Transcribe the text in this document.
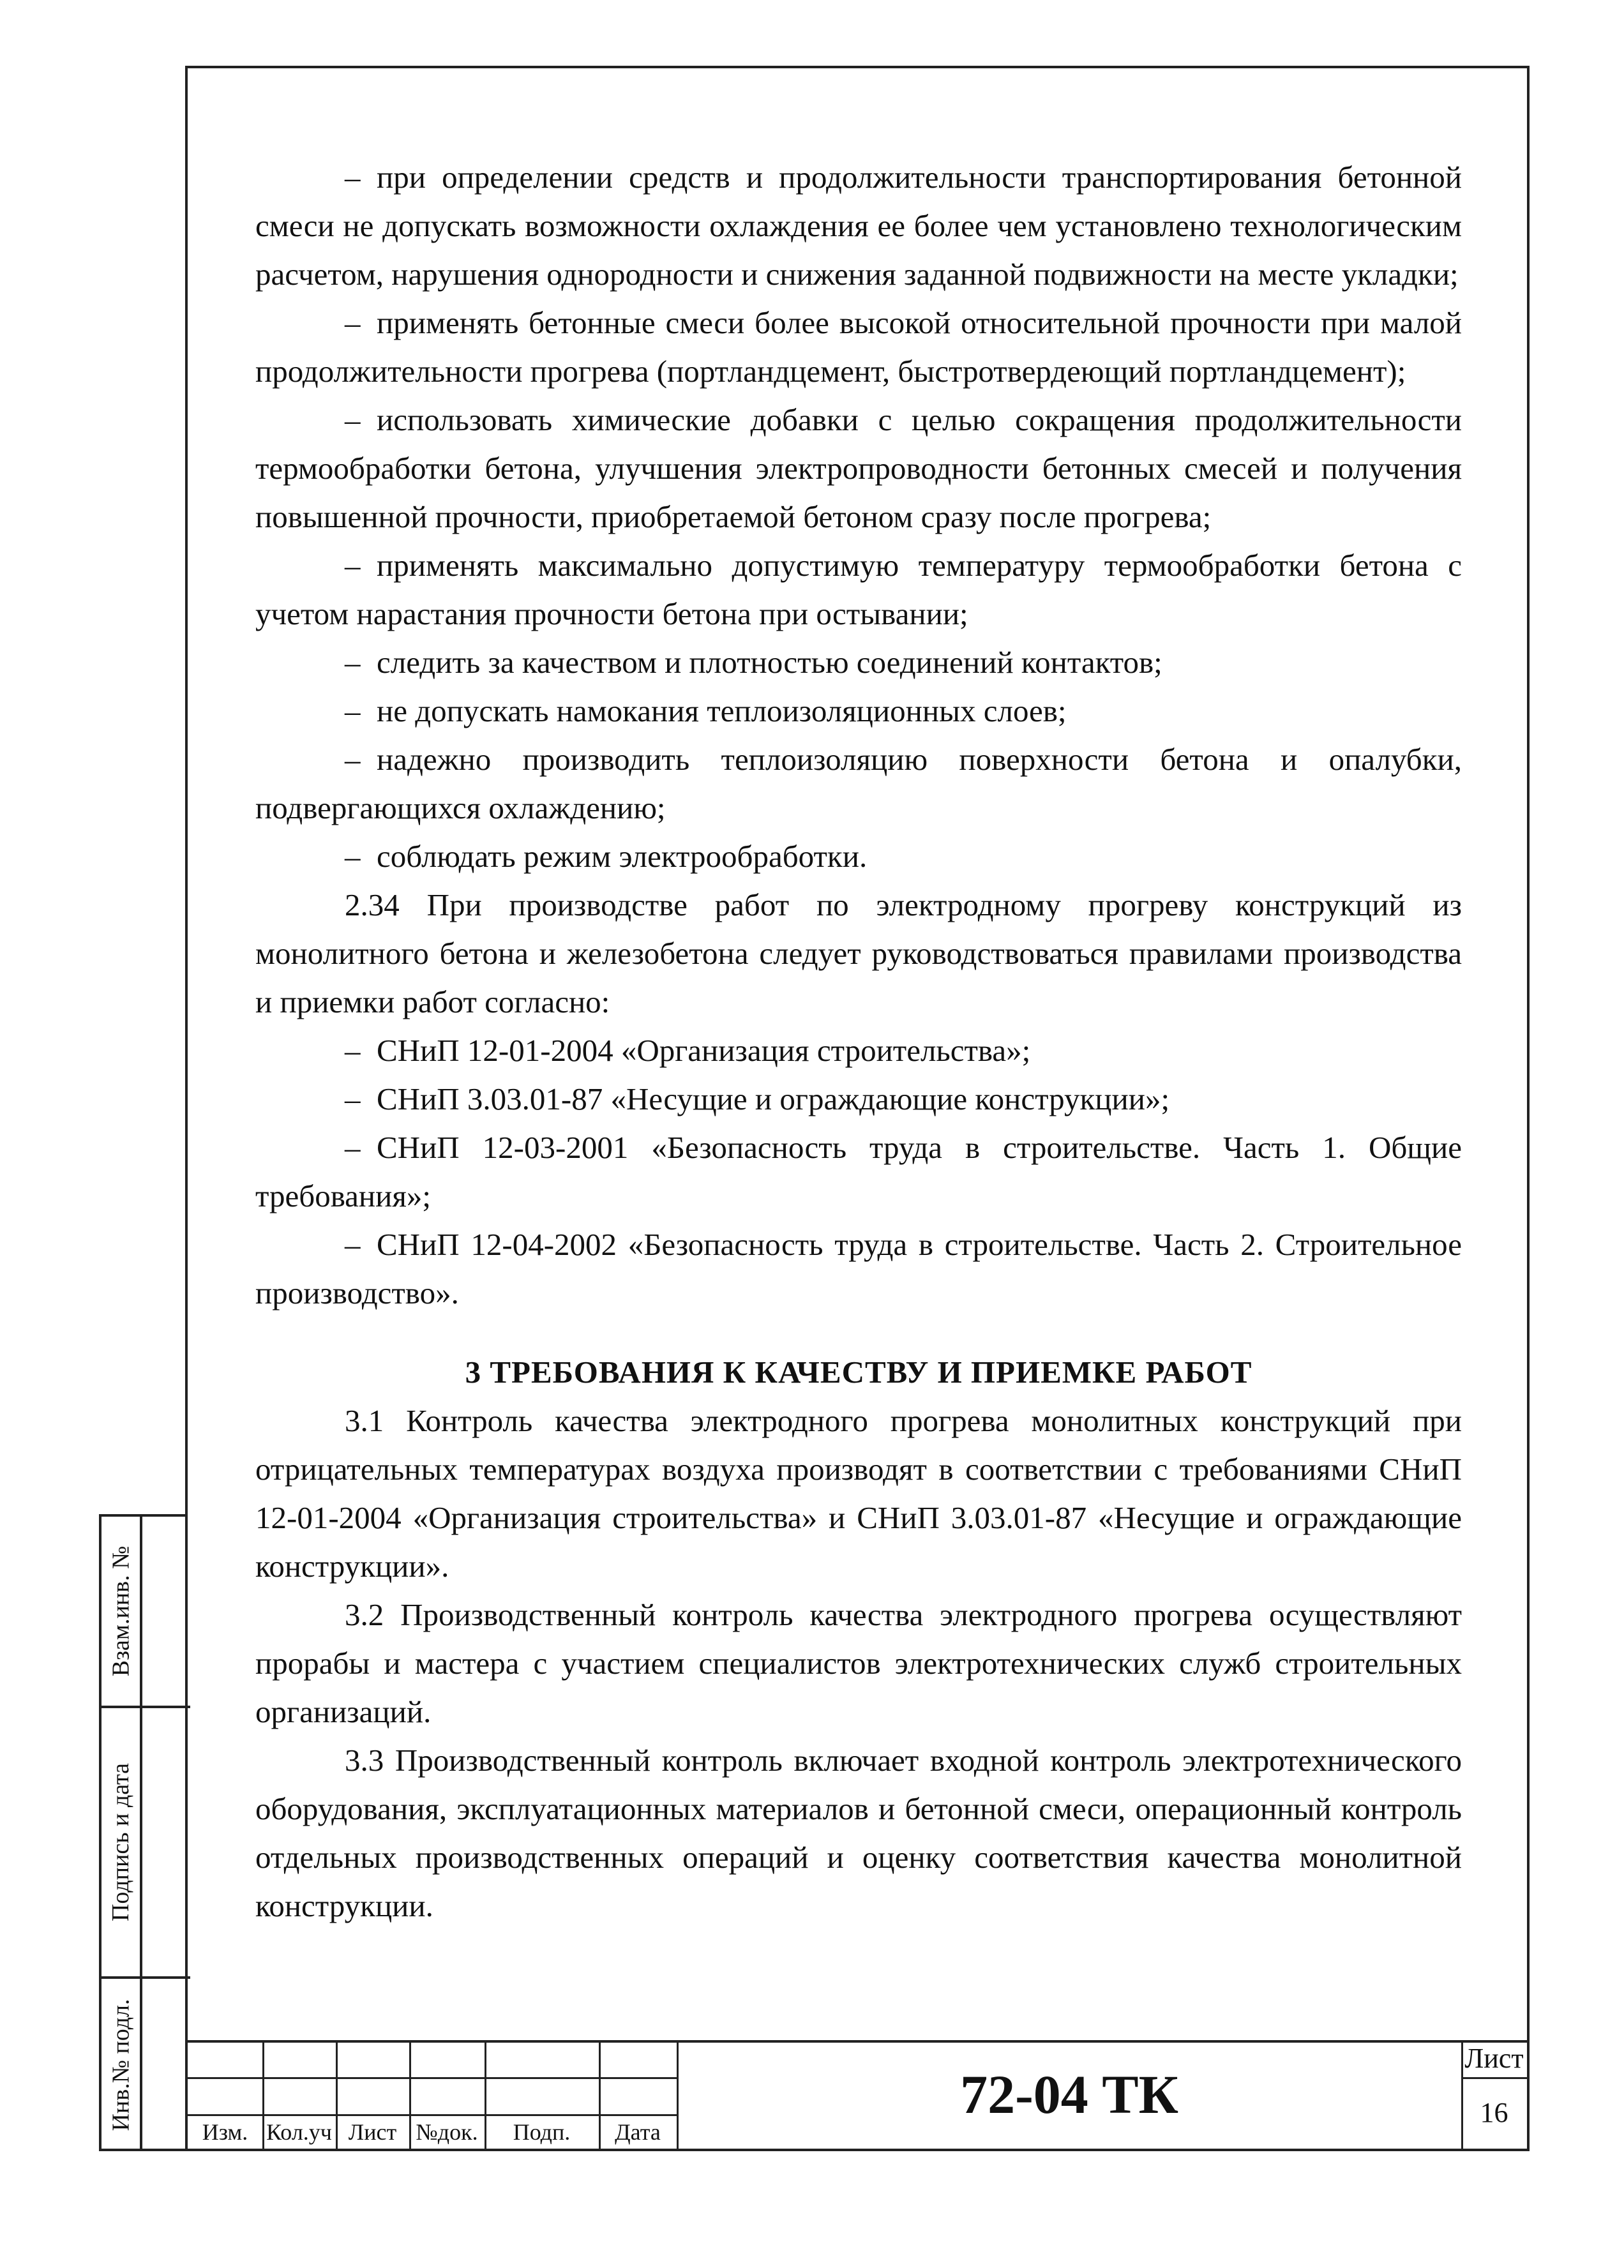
– при определении средств и продолжительности транспортирования бетонной смеси не допускать возможности охлаждения ее более чем установлено технологическим расчетом, нарушения однородности и снижения заданной подвижности на месте укладки;

– применять бетонные смеси более высокой относительной прочности при малой продолжительности прогрева (портландцемент, быстротвердеющий портландцемент);

– использовать химические добавки с целью сокращения продолжительности термообработки бетона, улучшения электропроводности бетонных смесей и получения повышенной прочности, приобретаемой бетоном сразу после прогрева;

– применять максимально допустимую температуру термообработки бетона с учетом нарастания прочности бетона при остывании;

– следить за качеством и плотностью соединений контактов;

– не допускать намокания теплоизоляционных слоев;

– надежно производить теплоизоляцию поверхности бетона и опалубки, подвергающихся охлаждению;

– соблюдать режим электрообработки.

2.34 При производстве работ по электродному прогреву конструкций из монолитного бетона и железобетона следует руководствоваться правилами производства и приемки работ согласно:

– СНиП 12-01-2004 «Организация строительства»;

– СНиП 3.03.01-87 «Несущие и ограждающие конструкции»;

– СНиП 12-03-2001 «Безопасность труда в строительстве. Часть 1. Общие требования»;

– СНиП 12-04-2002 «Безопасность труда в строительстве. Часть 2. Строительное производство».

3 ТРЕБОВАНИЯ К КАЧЕСТВУ И ПРИЕМКЕ РАБОТ

3.1 Контроль качества электродного прогрева монолитных конструкций при отрицательных температурах воздуха производят в соответствии с требованиями СНиП 12-01-2004 «Организация строительства» и СНиП 3.03.01-87 «Несущие и ограждающие конструкции».

3.2 Производственный контроль качества электродного прогрева осуществляют прорабы и мастера с участием специалистов электротехнических служб строительных организаций.

3.3 Производственный контроль включает входной контроль электротехнического оборудования, эксплуатационных материалов и бетонной смеси, операционный контроль отдельных производственных операций и оценку соответствия качества монолитной конструкции.

Взам.инв. №
Подпись и дата
Инв.№ подл.
Изм. Кол.уч Лист №док.	Подп.	Дата
72-04 ТК
Лист
16
